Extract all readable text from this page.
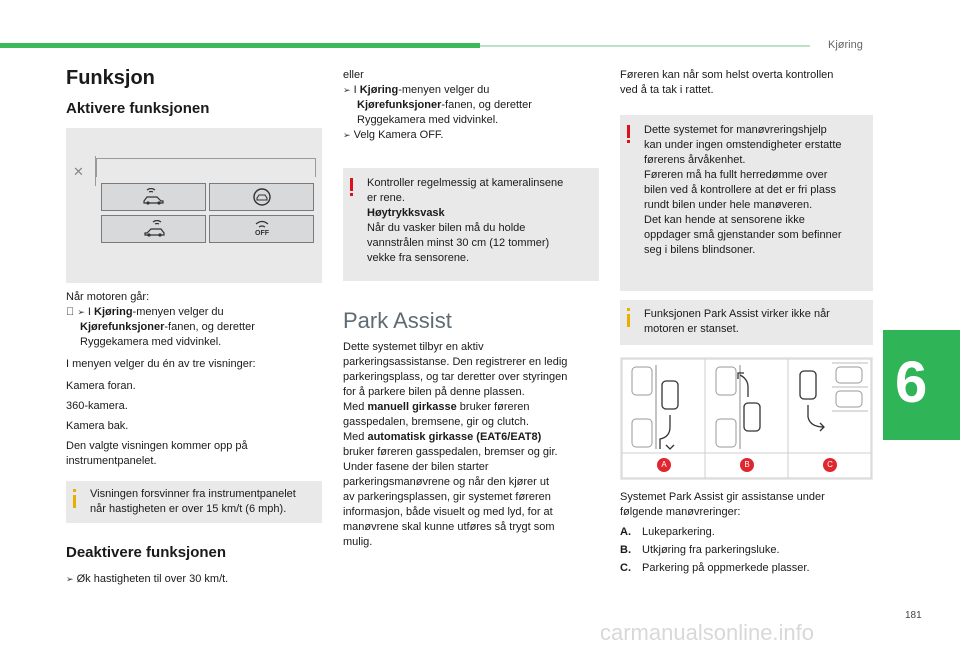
Kjøring
6
181
Funksjon
Aktivere funksjonen
✕
OFF
Når motoren går:
➢ I Kjøring-menyen velger du
Kjørefunksjoner-fanen, og deretter
Ryggekamera med vidvinkel.
I menyen velger du én av tre visninger:
Kamera foran.
360-kamera.
Kamera bak.
Den valgte visningen kommer opp på
instrumentpanelet.
Visningen forsvinner fra instrumentpanelet
når hastigheten er over 15 km/t (6 mph).
Deaktivere funksjonen
➢ Øk hastigheten til over 30 km/t.
eller
➢ I Kjøring-menyen velger du
Kjørefunksjoner-fanen, og deretter
Ryggekamera med vidvinkel.
➢ Velg Kamera OFF.
Kontroller regelmessig at kameralinsene
er rene.
Høytrykksvask
Når du vasker bilen må du holde
vannstrålen minst 30 cm (12 tommer)
vekke fra sensorene.
Park Assist
Dette systemet tilbyr en aktiv
parkeringsassistanse. Den registrerer en ledig
parkeringsplass, og tar deretter over styringen
for å parkere bilen på denne plassen.
Med manuell girkasse bruker føreren
gasspedalen, bremsene, gir og clutch.
Med automatisk girkasse (EAT6/EAT8)
bruker føreren gasspedalen, bremser og gir.
Under fasene der bilen starter
parkeringsmanøvrene og når den kjører ut
av parkeringsplassen, gir systemet føreren
informasjon, både visuelt og med lyd, for at
manøvrene skal kunne utføres så trygt som
mulig.
Føreren kan når som helst overta kontrollen
ved å ta tak i rattet.
Dette systemet for manøvreringshjelp
kan under ingen omstendigheter erstatte
førerens årvåkenhet.
Føreren må ha fullt herredømme over
bilen ved å kontrollere at det er fri plass
rundt bilen under hele manøveren.
Det kan hende at sensorene ikke
oppdager små gjenstander som befinner
seg i bilens blindsoner.
Funksjonen Park Assist virker ikke når
motoren er stanset.
A	B	C
Systemet Park Assist gir assistanse under
følgende manøvreringer:
A. Lukeparkering.
B. Utkjøring fra parkeringsluke.
C. Parkering på oppmerkede plasser.
carmanualsonline.info
